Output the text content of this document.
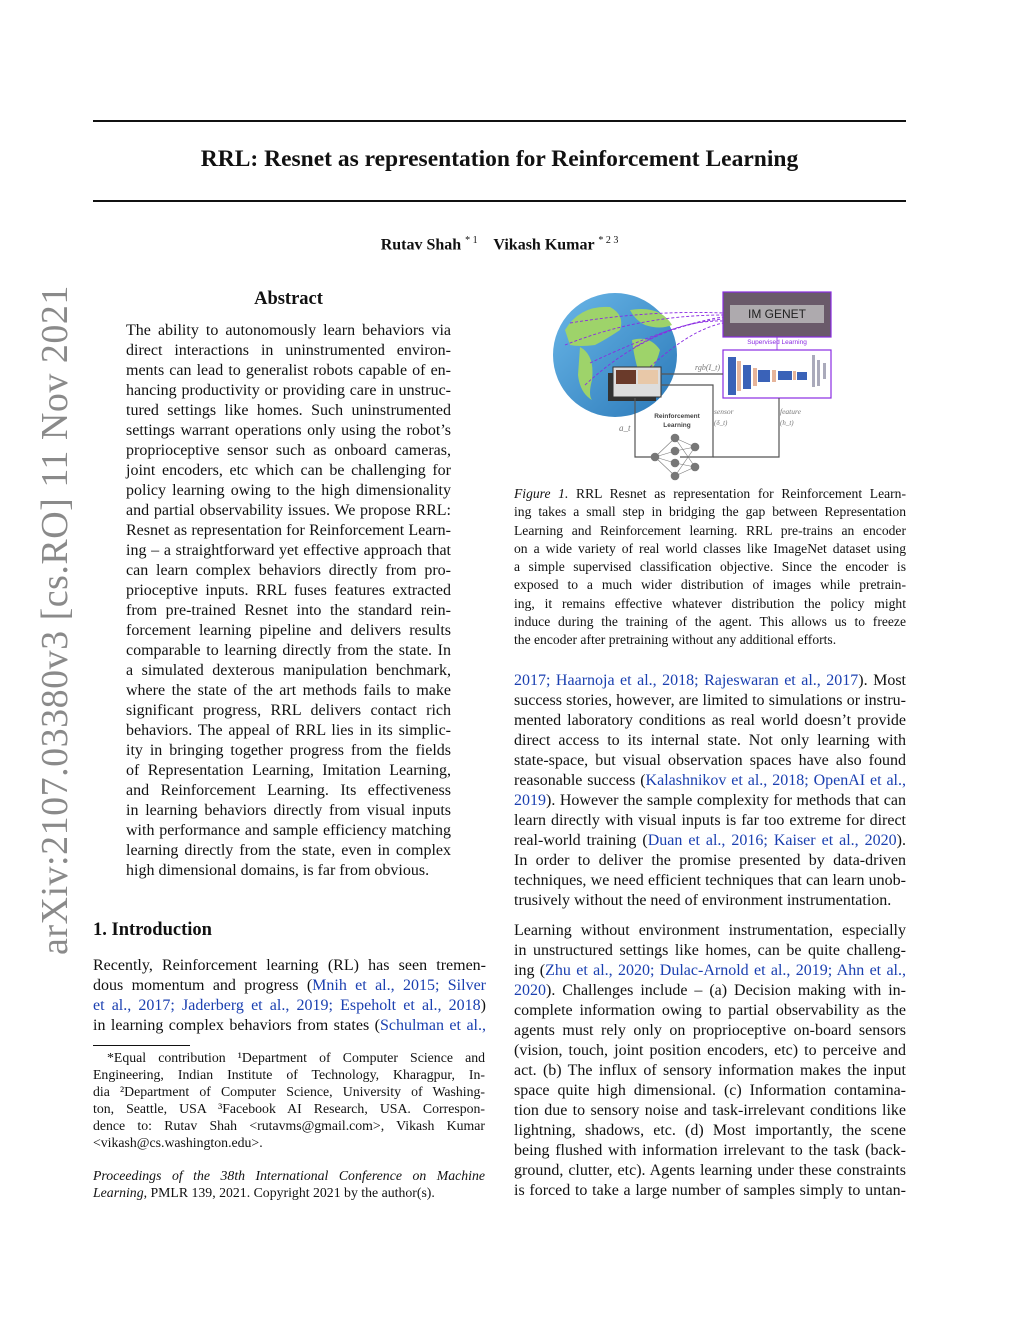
arXiv:2107.03380v3 [cs.RO] 11 Nov 2021
RRL: Resnet as representation for Reinforcement Learning
Rutav Shah $^{* 1}$ Vikash Kumar $^{* 2 3}$
Abstract
The ability to autonomously learn behaviors via
direct interactions in uninstrumented environ-
ments can lead to generalist robots capable of en-
hancing productivity or providing care in unstruc-
tured settings like homes. Such uninstrumented
settings warrant operations only using the robot’s
proprioceptive sensor such as onboard cameras,
joint encoders, etc which can be challenging for
policy learning owing to the high dimensionality
and partial observability issues. We propose RRL:
Resnet as representation for Reinforcement Learn-
ing – a straightforward yet effective approach that
can learn complex behaviors directly from pro-
prioceptive inputs. RRL fuses features extracted
from pre-trained Resnet into the standard rein-
forcement learning pipeline and delivers results
comparable to learning directly from the state. In
a simulated dexterous manipulation benchmark,
where the state of the art methods fails to make
significant progress, RRL delivers contact rich
behaviors. The appeal of RRL lies in its simplic-
ity in bringing together progress from the fields
of Representation Learning, Imitation Learning,
and Reinforcement Learning. Its effectiveness
in learning behaviors directly from visual inputs
with performance and sample efficiency matching
learning directly from the state, even in complex
high dimensional domains, is far from obvious.
1. Introduction
Recently, Reinforcement learning (RL) has seen tremen-
dous momentum and progress (Mnih et al., 2015; Silver
et al., 2017; Jaderberg et al., 2019; Espeholt et al., 2018)
in learning complex behaviors from states (Schulman et al.,
*Equal contribution ¹Department of Computer Science and
Engineering, Indian Institute of Technology, Kharagpur, In-
dia ²Department of Computer Science, University of Washing-
ton, Seattle, USA ³Facebook AI Research, USA. Correspon-
dence to: Rutav Shah <rutavms@gmail.com>, Vikash Kumar
<vikash@cs.washington.edu>.
Proceedings of the 38th International Conference on Machine
Learning, PMLR 139, 2021. Copyright 2021 by the author(s).
IM GENET
Supervised Learning
rgb(I_t)
sensor
(δ_t)
feature
(h_t)
a_t
Reinforcement
Learning
Figure 1. RRL Resnet as representation for Reinforcement Learn-
ing takes a small step in bridging the gap between Representation
Learning and Reinforcement learning. RRL pre-trains an encoder
on a wide variety of real world classes like ImageNet dataset using
a simple supervised classification objective. Since the encoder is
exposed to a much wider distribution of images while pretrain-
ing, it remains effective whatever distribution the policy might
induce during the training of the agent. This allows us to freeze
the encoder after pretraining without any additional efforts.
2017; Haarnoja et al., 2018; Rajeswaran et al., 2017). Most
success stories, however, are limited to simulations or instru-
mented laboratory conditions as real world doesn’t provide
direct access to its internal state. Not only learning with
state-space, but visual observation spaces have also found
reasonable success (Kalashnikov et al., 2018; OpenAI et al.,
2019). However the sample complexity for methods that can
learn directly with visual inputs is far too extreme for direct
real-world training (Duan et al., 2016; Kaiser et al., 2020).
In order to deliver the promise presented by data-driven
techniques, we need efficient techniques that can learn unob-
trusively without the need of environment instrumentation.
Learning without environment instrumentation, especially
in unstructured settings like homes, can be quite challeng-
ing (Zhu et al., 2020; Dulac-Arnold et al., 2019; Ahn et al.,
2020). Challenges include – (a) Decision making with in-
complete information owing to partial observability as the
agents must rely only on proprioceptive on-board sensors
(vision, touch, joint position encoders, etc) to perceive and
act. (b) The influx of sensory information makes the input
space quite high dimensional. (c) Information contamina-
tion due to sensory noise and task-irrelevant conditions like
lightning, shadows, etc. (d) Most importantly, the scene
being flushed with information irrelevant to the task (back-
ground, clutter, etc). Agents learning under these constraints
is forced to take a large number of samples simply to untan-
